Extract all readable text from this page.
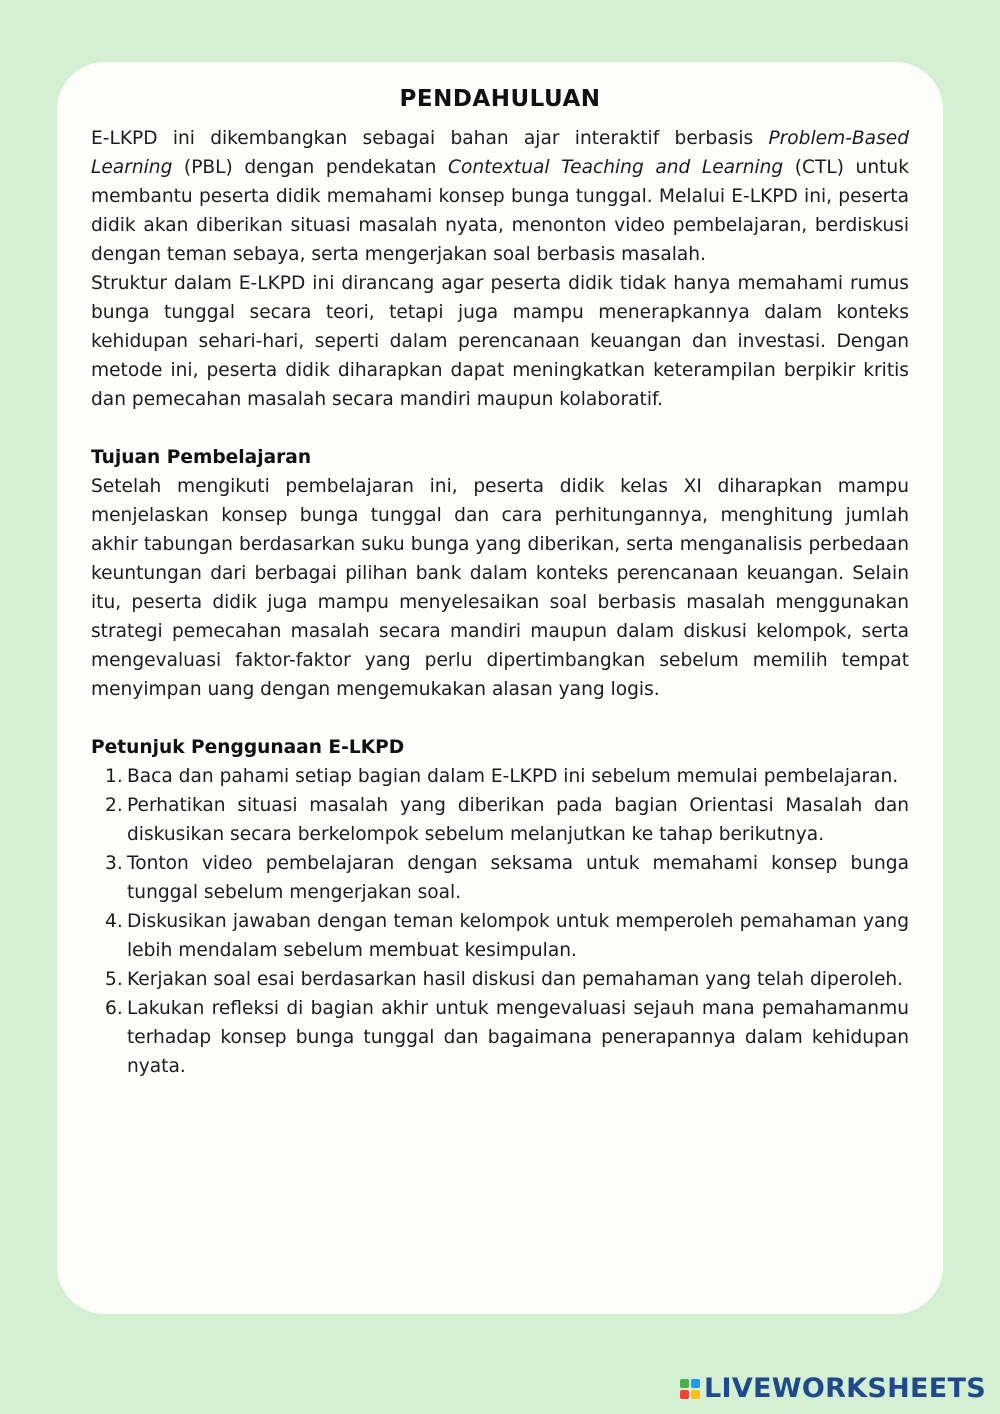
PENDAHULUAN

E-LKPD ini dikembangkan sebagai bahan ajar interaktif berbasis Problem-Based Learning (PBL) dengan pendekatan Contextual Teaching and Learning (CTL) untuk membantu peserta didik memahami konsep bunga tunggal. Melalui E-LKPD ini, peserta didik akan diberikan situasi masalah nyata, menonton video pembelajaran, berdiskusi dengan teman sebaya, serta mengerjakan soal berbasis masalah.

Struktur dalam E-LKPD ini dirancang agar peserta didik tidak hanya memahami rumus bunga tunggal secara teori, tetapi juga mampu menerapkannya dalam konteks kehidupan sehari-hari, seperti dalam perencanaan keuangan dan investasi. Dengan metode ini, peserta didik diharapkan dapat meningkatkan keterampilan berpikir kritis dan pemecahan masalah secara mandiri maupun kolaboratif.

Tujuan Pembelajaran

Setelah mengikuti pembelajaran ini, peserta didik kelas XI diharapkan mampu menjelaskan konsep bunga tunggal dan cara perhitungannya, menghitung jumlah akhir tabungan berdasarkan suku bunga yang diberikan, serta menganalisis perbedaan keuntungan dari berbagai pilihan bank dalam konteks perencanaan keuangan. Selain itu, peserta didik juga mampu menyelesaikan soal berbasis masalah menggunakan strategi pemecahan masalah secara mandiri maupun dalam diskusi kelompok, serta mengevaluasi faktor-faktor yang perlu dipertimbangkan sebelum memilih tempat menyimpan uang dengan mengemukakan alasan yang logis.

Petunjuk Penggunaan E-LKPD
Baca dan pahami setiap bagian dalam E-LKPD ini sebelum memulai pembelajaran.
Perhatikan situasi masalah yang diberikan pada bagian Orientasi Masalah dan diskusikan secara berkelompok sebelum melanjutkan ke tahap berikutnya.
Tonton video pembelajaran dengan seksama untuk memahami konsep bunga tunggal sebelum mengerjakan soal.
Diskusikan jawaban dengan teman kelompok untuk memperoleh pemahaman yang lebih mendalam sebelum membuat kesimpulan.
Kerjakan soal esai berdasarkan hasil diskusi dan pemahaman yang telah diperoleh.
Lakukan refleksi di bagian akhir untuk mengevaluasi sejauh mana pemahamanmu terhadap konsep bunga tunggal dan bagaimana penerapannya dalam kehidupan nyata.
LIVEWORKSHEETS
